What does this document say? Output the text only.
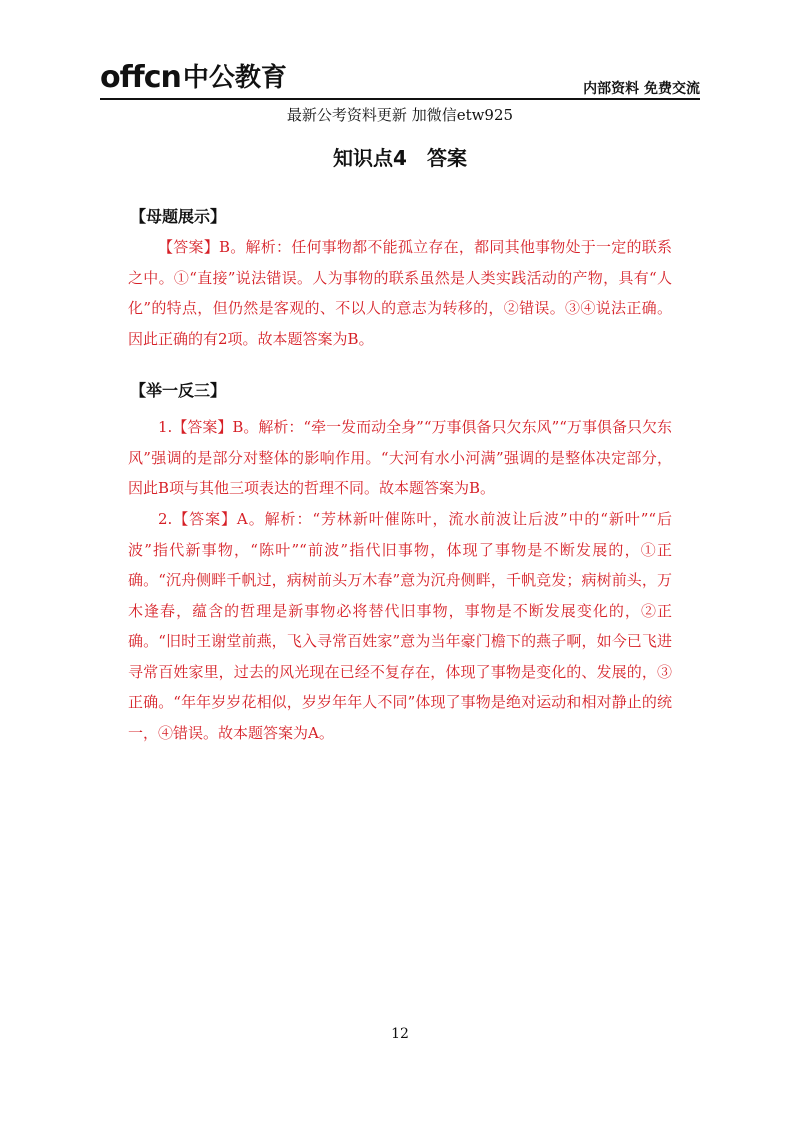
offcn 中公教育	内部资料 免费交流
最新公考资料更新 加微信etw925
知识点4　答案
【母题展示】
【答案】B。解析：任何事物都不能孤立存在，都同其他事物处于一定的联系之中。①“直接”说法错误。人为事物的联系虽然是人类实践活动的产物，具有“人化”的特点，但仍然是客观的、不以人的意志为转移的，②错误。③④说法正确。因此正确的有2项。故本题答案为B。
【举一反三】
1.【答案】B。解析：“牵一发而动全身”“万事俱备只欠东风”“万事俱备只欠东风”强调的是部分对整体的影响作用。“大河有水小河满”强调的是整体决定部分，因此B项与其他三项表达的哲理不同。故本题答案为B。
2.【答案】A。解析：“芳林新叶催陈叶，流水前波让后波”中的“新叶”“后波”指代新事物，“陈叶”“前波”指代旧事物，体现了事物是不断发展的，①正确。“沉舟侧畔千帆过，病树前头万木春”意为沉舟侧畔，千帆竞发；病树前头，万木逢春，蕴含的哲理是新事物必将替代旧事物，事物是不断发展变化的，②正确。“旧时王谢堂前燕，飞入寻常百姓家”意为当年豪门檐下的燕子啊，如今已飞进寻常百姓家里，过去的风光现在已经不复存在，体现了事物是变化的、发展的，③正确。“年年岁岁花相似，岁岁年年人不同”体现了事物是绝对运动和相对静止的统一，④错误。故本题答案为A。
12
